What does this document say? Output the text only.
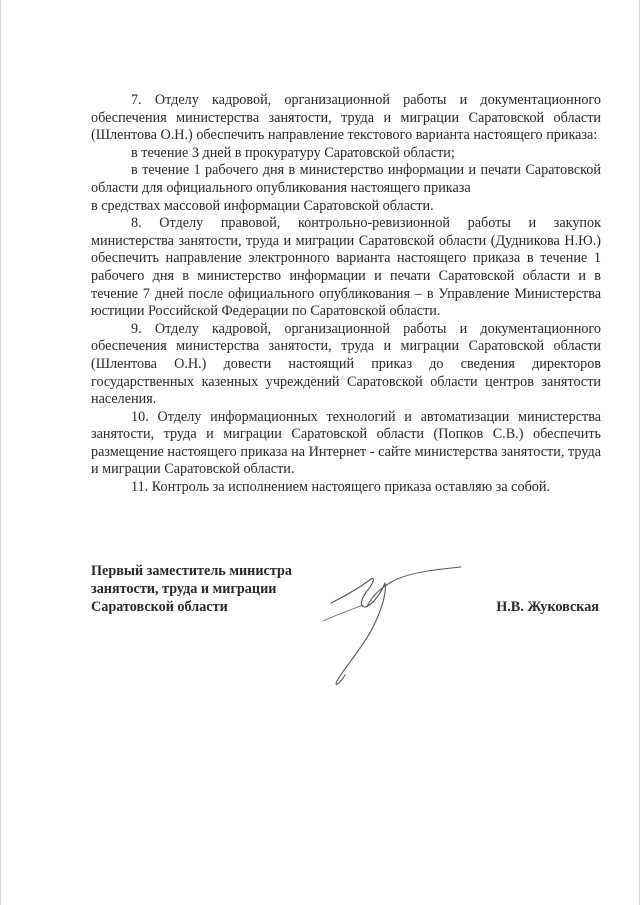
7. Отделу кадровой, организационной работы и документационного обеспечения министерства занятости, труда и миграции Саратовской области (Шлентова О.Н.) обеспечить направление текстового варианта настоящего приказа:

в течение 3 дней в прокуратуру Саратовской области;

в течение 1 рабочего дня в министерство информации и печати Саратовской области для официального опубликования настоящего приказа

в средствах массовой информации Саратовской области.

8. Отделу правовой, контрольно-ревизионной работы и закупок министерства занятости, труда и миграции Саратовской области (Дудникова Н.Ю.) обеспечить направление электронного варианта настоящего приказа в течение 1 рабочего дня в министерство информации и печати Саратовской области и в течение 7 дней после официального опубликования – в Управление Министерства юстиции Российской Федерации по Саратовской области.

9. Отделу кадровой, организационной работы и документационного обеспечения министерства занятости, труда и миграции Саратовской области (Шлентова О.Н.) довести настоящий приказ до сведения директоров государственных казенных учреждений Саратовской области центров занятости населения.

10. Отделу информационных технологий и автоматизации министерства занятости, труда и миграции Саратовской области (Попков С.В.) обеспечить размещение настоящего приказа на Интернет - сайте министерства занятости, труда и миграции Саратовской области.

11. Контроль за исполнением настоящего приказа оставляю за собой.

Первый заместитель министра
занятости, труда и миграции
Саратовской области	Н.В. Жуковская
